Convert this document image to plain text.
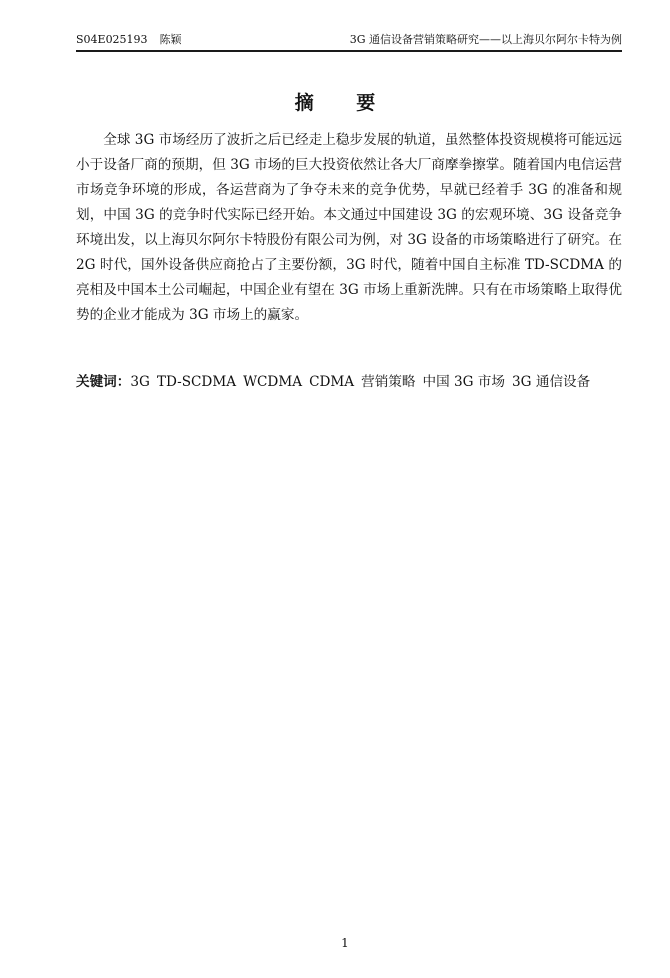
S04E025193 陈颖	3G 通信设备营销策略研究——以上海贝尔阿尔卡特为例
摘 要

全球 3G 市场经历了波折之后已经走上稳步发展的轨道，虽然整体投资规模将可能远远小于设备厂商的预期，但 3G 市场的巨大投资依然让各大厂商摩拳擦掌。随着国内电信运营市场竞争环境的形成，各运营商为了争夺未来的竞争优势，早就已经着手 3G 的准备和规划，中国 3G 的竞争时代实际已经开始。本文通过中国建设 3G 的宏观环境、3G 设备竞争环境出发，以上海贝尔阿尔卡特股份有限公司为例，对 3G 设备的市场策略进行了研究。在 2G 时代，国外设备供应商抢占了主要份额，3G 时代，随着中国自主标准 TD-SCDMA 的亮相及中国本土公司崛起，中国企业有望在 3G 市场上重新洗牌。只有在市场策略上取得优势的企业才能成为 3G 市场上的赢家。

关键词：3G TD-SCDMA WCDMA CDMA 营销策略 中国 3G 市场 3G 通信设备
1
